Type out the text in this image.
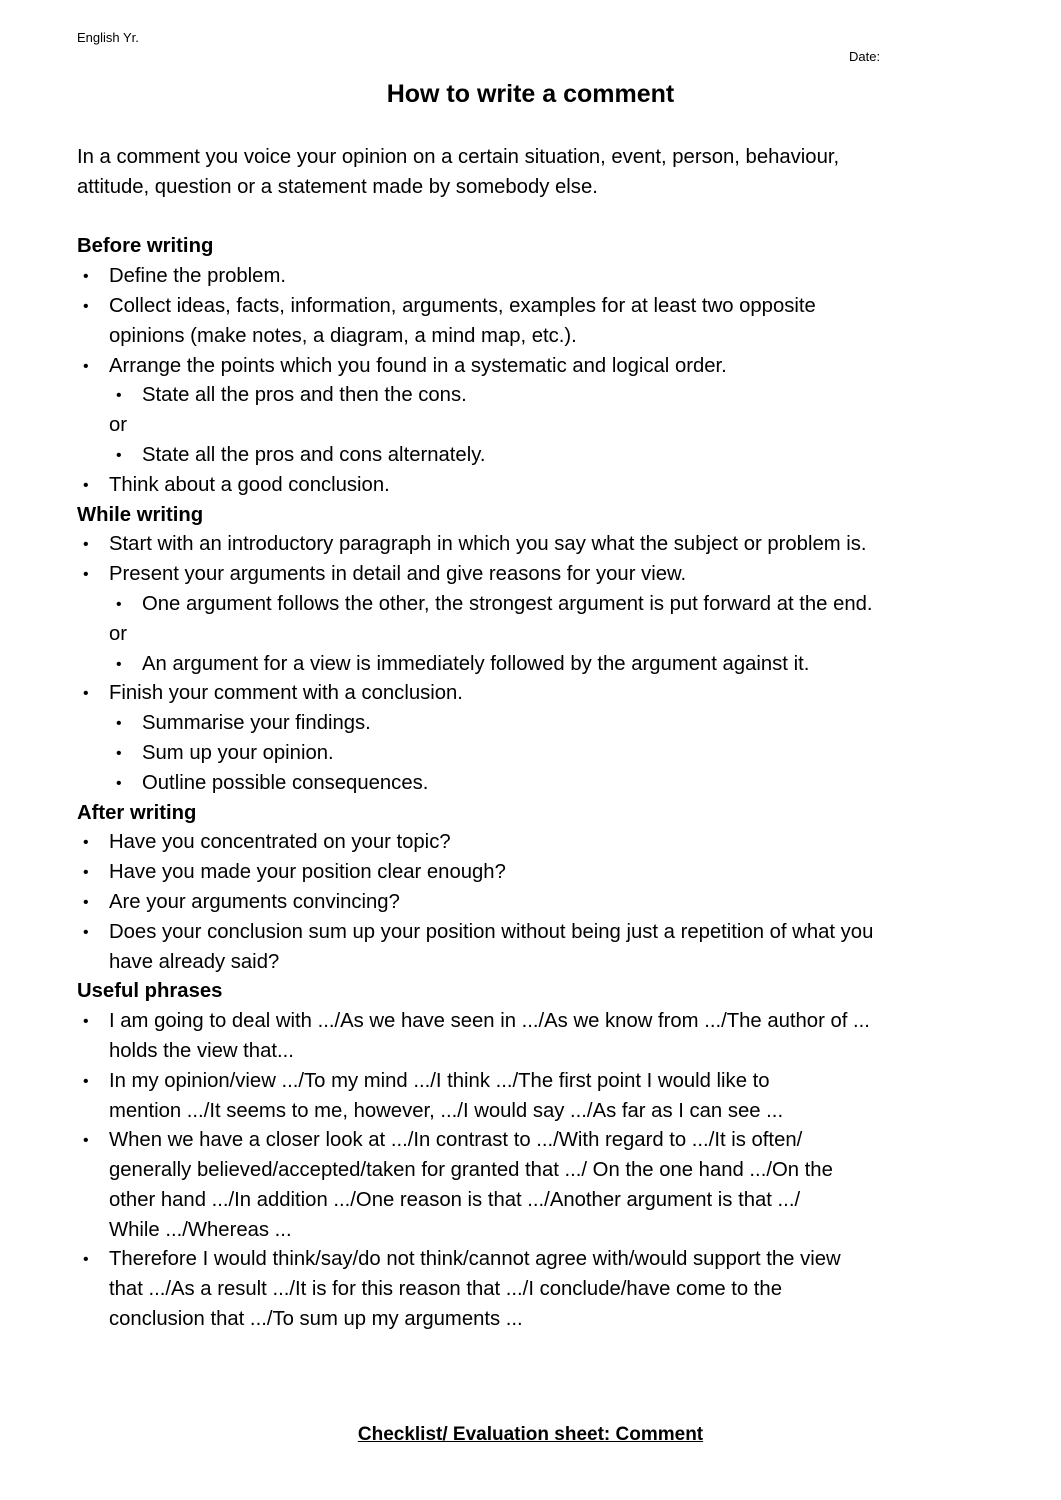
English Yr.
Date:
How to write a comment
In a comment you voice your opinion on a certain situation, event, person, behaviour,
attitude, question or a statement made by somebody else.
Before writing
• Define the problem.
• Collect ideas, facts, information, arguments, examples for at least two opposite
opinions (make notes, a diagram, a mind map, etc.).
• Arrange the points which you found in a systematic and logical order.
• State all the pros and then the cons.
or
• State all the pros and cons alternately.
• Think about a good conclusion.
While writing
• Start with an introductory paragraph in which you say what the subject or problem is.
• Present your arguments in detail and give reasons for your view.
• One argument follows the other, the strongest argument is put forward at the end.
or
• An argument for a view is immediately followed by the argument against it.
• Finish your comment with a conclusion.
• Summarise your findings.
• Sum up your opinion.
• Outline possible consequences.
After writing
• Have you concentrated on your topic?
• Have you made your position clear enough?
• Are your arguments convincing?
• Does your conclusion sum up your position without being just a repetition of what you
have already said?
Useful phrases
• I am going to deal with .../As we have seen in .../As we know from .../The author of ...
holds the view that...
• In my opinion/view .../To my mind .../I think .../The first point I would like to
mention .../It seems to me, however, .../I would say .../As far as I can see ...
• When we have a closer look at .../In contrast to .../With regard to .../It is often/
generally believed/accepted/taken for granted that .../ On the one hand .../On the
other hand .../In addition .../One reason is that .../Another argument is that .../
While .../Whereas ...
• Therefore I would think/say/do not think/cannot agree with/would support the view
that .../As a result .../It is for this reason that .../I conclude/have come to the
conclusion that .../To sum up my arguments ...
Checklist/ Evaluation sheet: Comment
